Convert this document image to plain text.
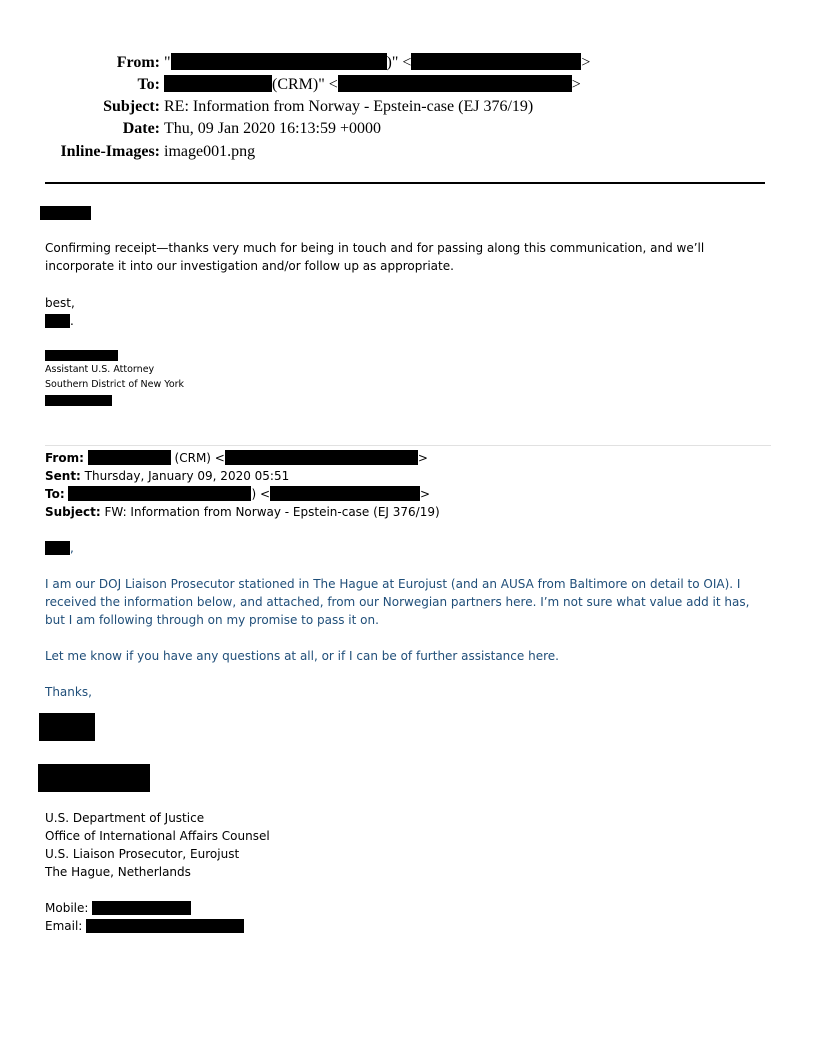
From: "	)" <	>
To:	(CRM)" <	>
Subject: RE: Information from Norway - Epstein-case (EJ 376/19)
Date: Thu, 09 Jan 2020 16:13:59 +0000
Inline-Images: image001.png
Confirming receipt—thanks very much for being in touch and for passing along this communication, and we’ll incorporate it into our investigation and/or follow up as appropriate.
best,
.
Assistant U.S. Attorney
Southern District of New York
From:	(CRM) <	>
Sent: Thursday, January 09, 2020 05:51
To:	) <	>
Subject: FW: Information from Norway - Epstein-case (EJ 376/19)
,
I am our DOJ Liaison Prosecutor stationed in The Hague at Eurojust (and an AUSA from Baltimore on detail to OIA). I received the information below, and attached, from our Norwegian partners here. I’m not sure what value add it has, but I am following through on my promise to pass it on.
Let me know if you have any questions at all, or if I can be of further assistance here.
Thanks,
U.S. Department of Justice
Office of International Affairs Counsel
U.S. Liaison Prosecutor, Eurojust
The Hague, Netherlands
Mobile:
Email:
